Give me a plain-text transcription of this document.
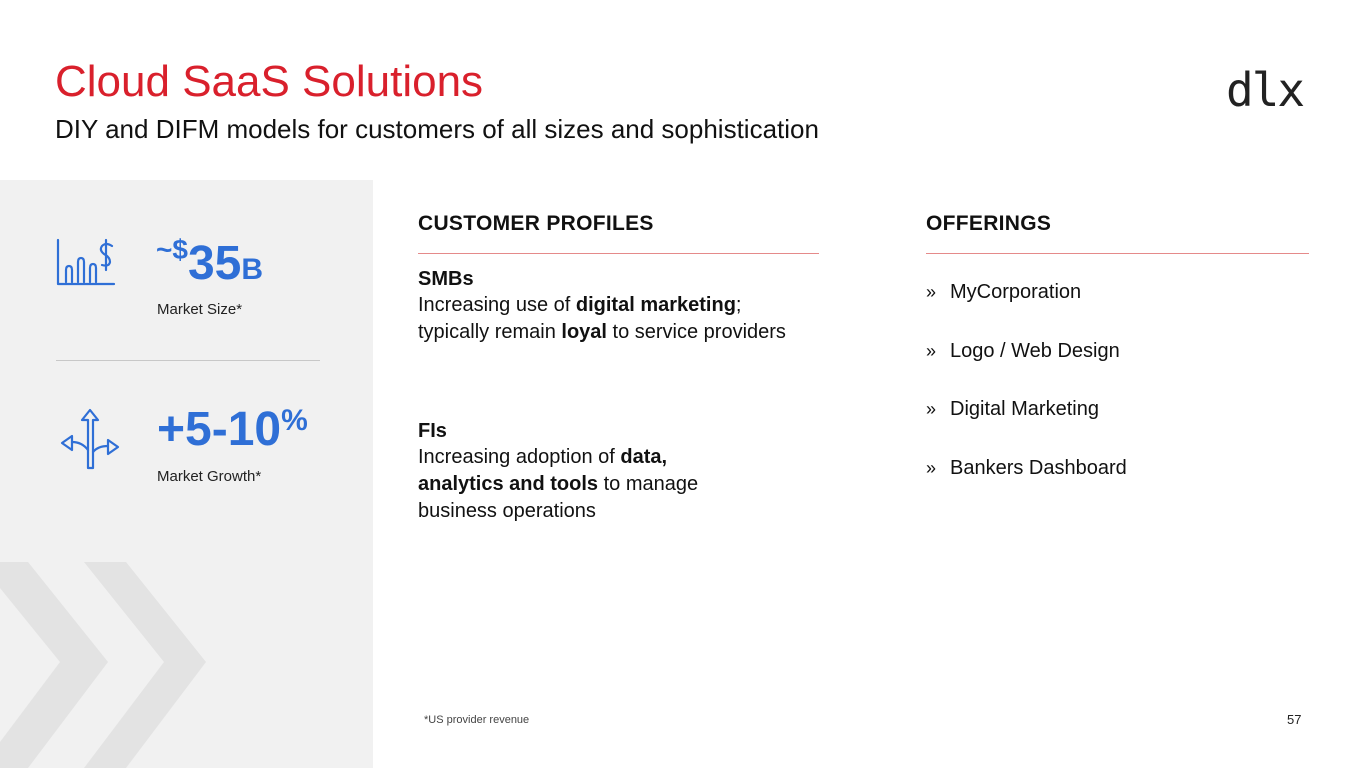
Cloud SaaS Solutions
DIY and DIFM models for customers of all sizes and sophistication
dlx
~$35B
Market Size*
+5-10%
Market Growth*
CUSTOMER PROFILES	OFFERINGS
SMBs
Increasing use of digital marketing; typically remain loyal to service providers
FIs
Increasing adoption of data, analytics and tools to manage business operations
» MyCorporation
» Logo / Web Design
» Digital Marketing
» Bankers Dashboard
*US provider revenue	57
